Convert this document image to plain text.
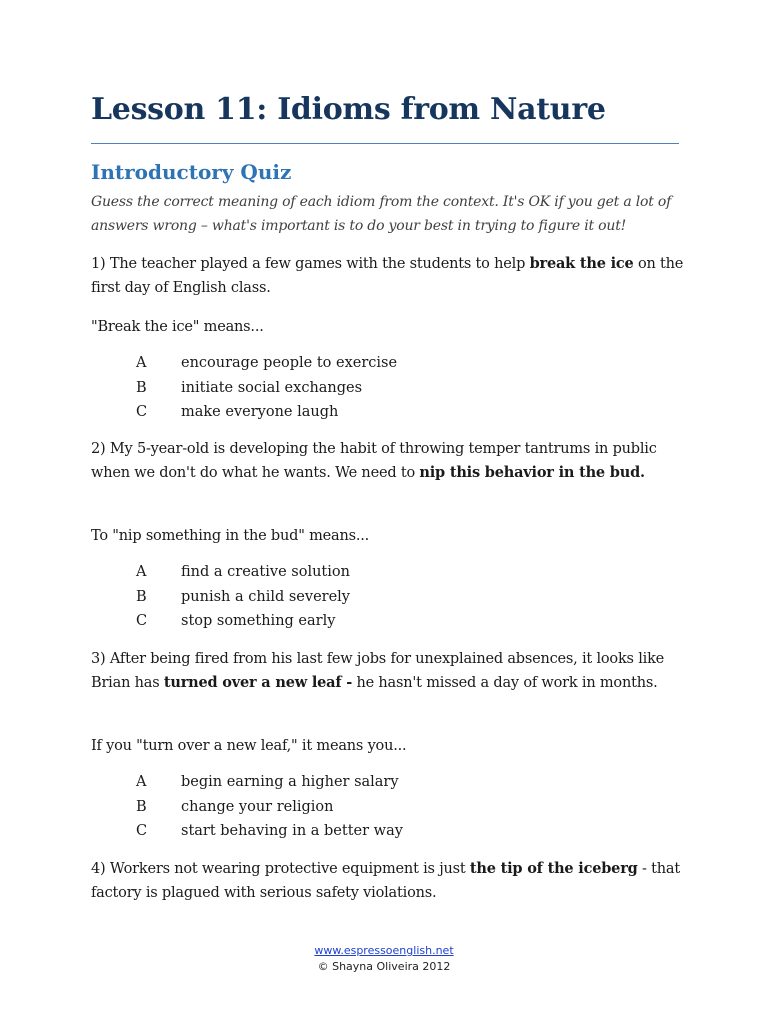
Lesson 11: Idioms from Nature
Introductory Quiz

Guess the correct meaning of each idiom from the context. It's OK if you get a lot of answers wrong – what's important is to do your best in trying to figure it out!

1) The teacher played a few games with the students to help break the ice on the first day of English class.

"Break the ice" means...

A encourage people to exercise
B initiate social exchanges
C make everyone laugh

2) My 5-year-old is developing the habit of throwing temper tantrums in public when we don't do what he wants. We need to nip this behavior in the bud.

To "nip something in the bud" means...

A find a creative solution
B punish a child severely
C stop something early

3) After being fired from his last few jobs for unexplained absences, it looks like Brian has turned over a new leaf - he hasn't missed a day of work in months.

If you "turn over a new leaf," it means you...

A begin earning a higher salary
B change your religion
C start behaving in a better way

4) Workers not wearing protective equipment is just the tip of the iceberg - that factory is plagued with serious safety violations.

www.espressoenglish.net
© Shayna Oliveira 2012
